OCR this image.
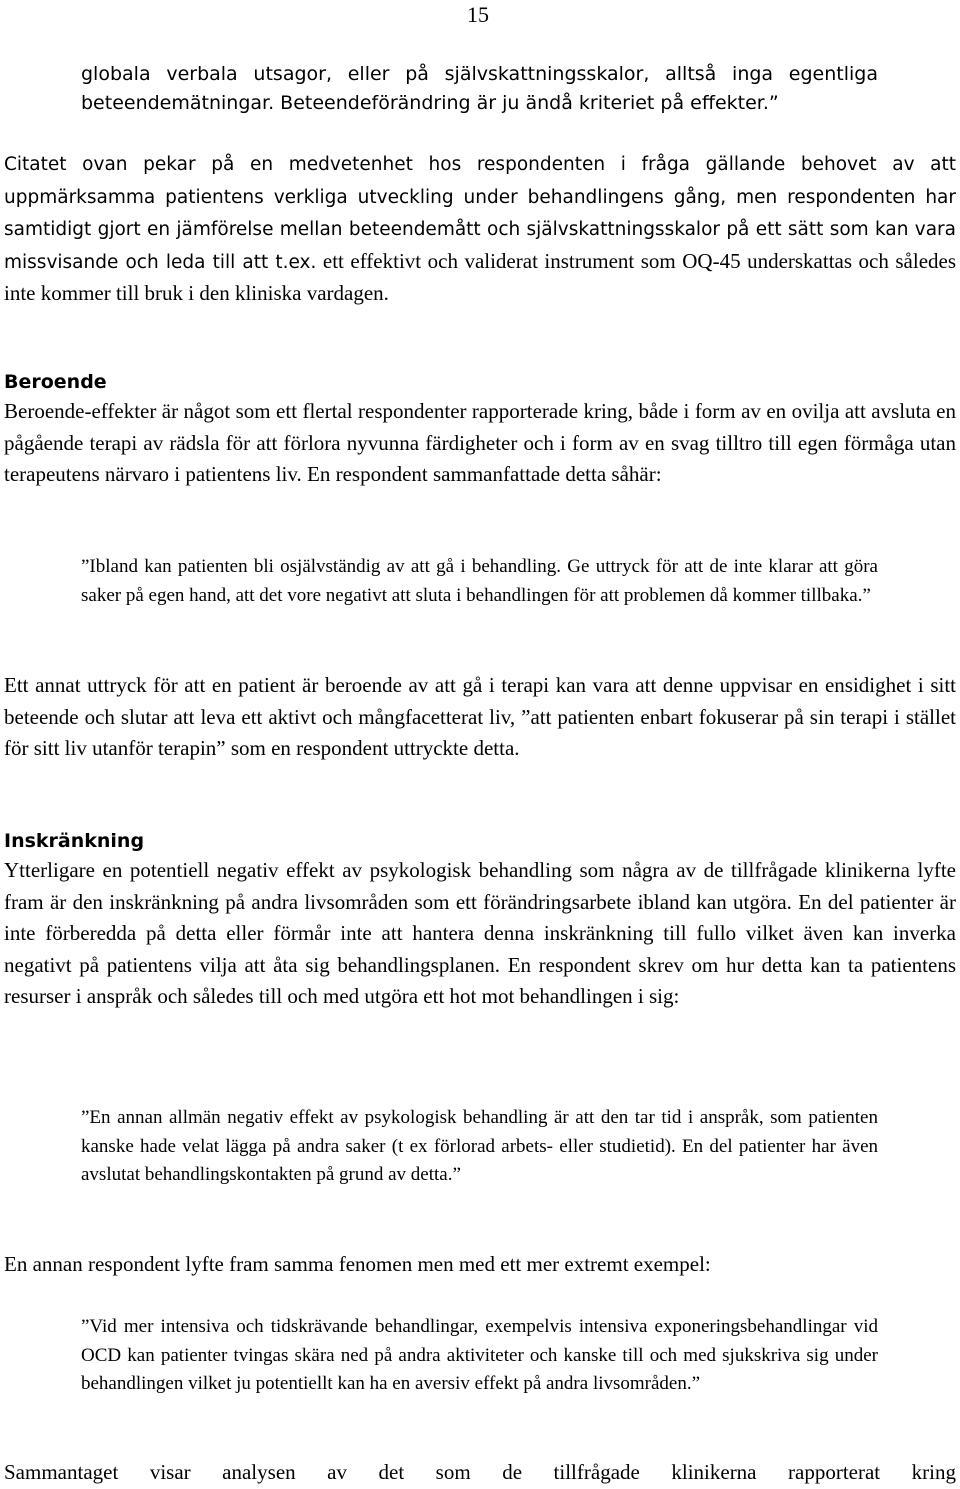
15

globala verbala utsagor, eller på självskattningsskalor, alltså inga egentliga beteendemätningar. Beteendeförändring är ju ändå kriteriet på effekter.”

Citatet ovan pekar på en medvetenhet hos respondenten i fråga gällande behovet av att uppmärksamma patientens verkliga utveckling under behandlingens gång, men respondenten har samtidigt gjort en jämförelse mellan beteendemått och självskattningsskalor på ett sätt som kan vara missvisande och leda till att t.ex. ett effektivt och validerat instrument som OQ-45 underskattas och således inte kommer till bruk i den kliniska vardagen.

Beroende

Beroende-effekter är något som ett flertal respondenter rapporterade kring, både i form av en ovilja att avsluta en pågående terapi av rädsla för att förlora nyvunna färdigheter och i form av en svag tilltro till egen förmåga utan terapeutens närvaro i patientens liv. En respondent sammanfattade detta såhär:

”Ibland kan patienten bli osjälvständig av att gå i behandling. Ge uttryck för att de inte klarar att göra saker på egen hand, att det vore negativt att sluta i behandlingen för att problemen då kommer tillbaka.”

Ett annat uttryck för att en patient är beroende av att gå i terapi kan vara att denne uppvisar en ensidighet i sitt beteende och slutar att leva ett aktivt och mångfacetterat liv, ”att patienten enbart fokuserar på sin terapi i stället för sitt liv utanför terapin” som en respondent uttryckte detta.

Inskränkning

Ytterligare en potentiell negativ effekt av psykologisk behandling som några av de tillfrågade klinikerna lyfte fram är den inskränkning på andra livsområden som ett förändringsarbete ibland kan utgöra. En del patienter är inte förberedda på detta eller förmår inte att hantera denna inskränkning till fullo vilket även kan inverka negativt på patientens vilja att åta sig behandlingsplanen. En respondent skrev om hur detta kan ta patientens resurser i anspråk och således till och med utgöra ett hot mot behandlingen i sig:

”En annan allmän negativ effekt av psykologisk behandling är att den tar tid i anspråk, som patienten kanske hade velat lägga på andra saker (t ex förlorad arbets- eller studietid). En del patienter har även avslutat behandlingskontakten på grund av detta.”

En annan respondent lyfte fram samma fenomen men med ett mer extremt exempel:

”Vid mer intensiva och tidskrävande behandlingar, exempelvis intensiva exponeringsbehandlingar vid OCD kan patienter tvingas skära ned på andra aktiviteter och kanske till och med sjukskriva sig under behandlingen vilket ju potentiellt kan ha en aversiv effekt på andra livsområden.”

Sammantaget visar analysen av det som de tillfrågade klinikerna rapporterat kring
